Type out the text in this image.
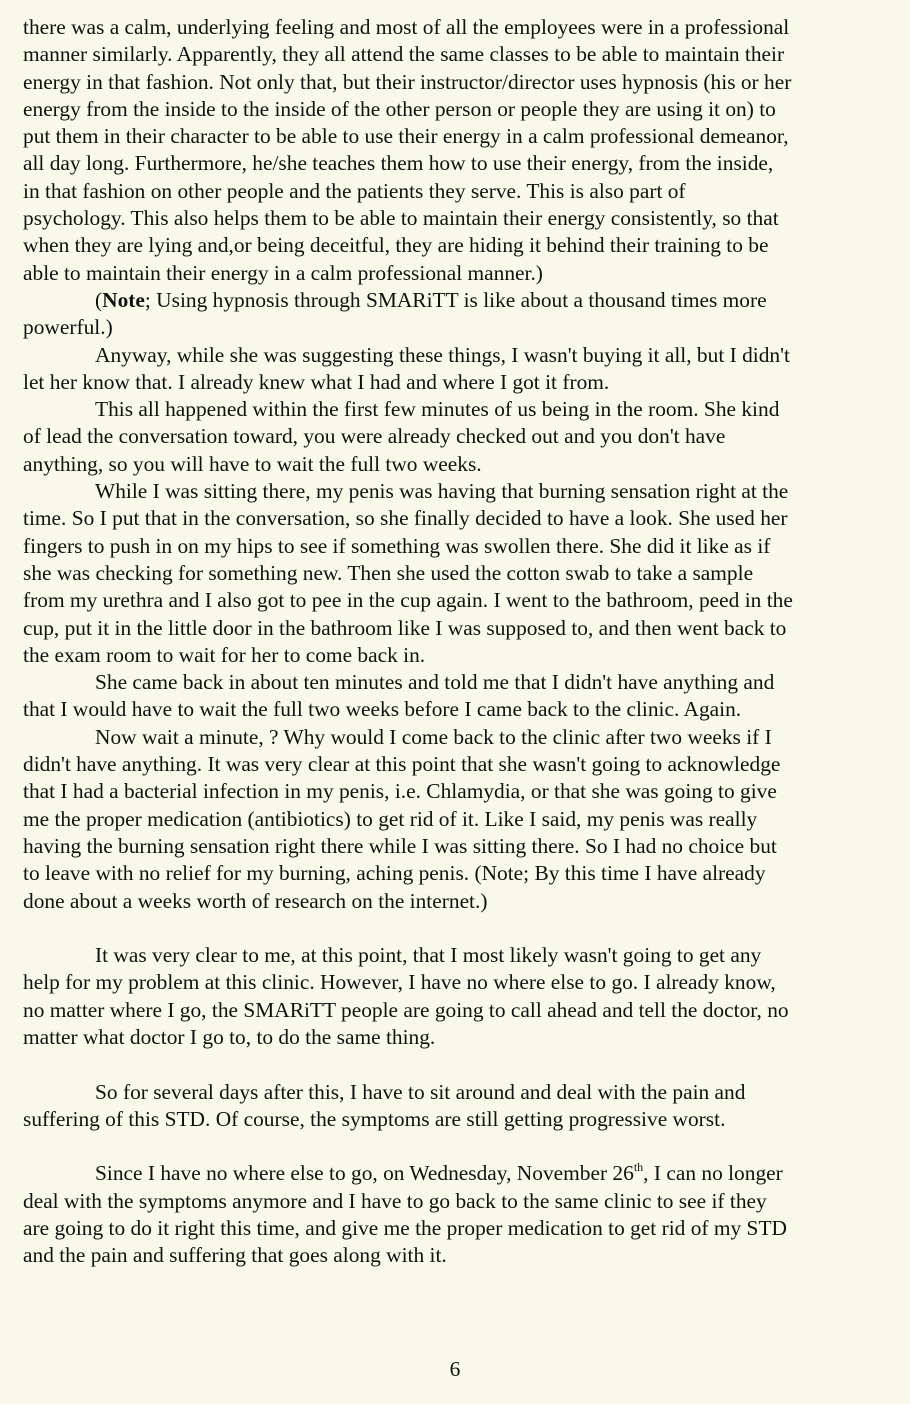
there was a calm, underlying feeling and most of all the employees were in a professional
manner similarly. Apparently, they all attend the same classes to be able to maintain their
energy in that fashion. Not only that, but their instructor/director uses hypnosis (his or her
energy from the inside to the inside of the other person or people they are using it on) to
put them in their character to be able to use their energy in a calm professional demeanor,
all day long. Furthermore, he/she teaches them how to use their energy, from the inside,
in that fashion on other people and the patients they serve. This is also part of
psychology. This also helps them to be able to maintain their energy consistently, so that
when they are lying and,or being deceitful, they are hiding it behind their training to be
able to maintain their energy in a calm professional manner.)

(Note; Using hypnosis through SMARiTT is like about a thousand times more
powerful.)

Anyway, while she was suggesting these things, I wasn't buying it all, but I didn't
let her know that. I already knew what I had and where I got it from.

This all happened within the first few minutes of us being in the room. She kind
of lead the conversation toward, you were already checked out and you don't have
anything, so you will have to wait the full two weeks.

While I was sitting there, my penis was having that burning sensation right at the
time. So I put that in the conversation, so she finally decided to have a look. She used her
fingers to push in on my hips to see if something was swollen there. She did it like as if
she was checking for something new. Then she used the cotton swab to take a sample
from my urethra and I also got to pee in the cup again. I went to the bathroom, peed in the
cup, put it in the little door in the bathroom like I was supposed to, and then went back to
the exam room to wait for her to come back in.

She came back in about ten minutes and told me that I didn't have anything and
that I would have to wait the full two weeks before I came back to the clinic. Again.

Now wait a minute, ? Why would I come back to the clinic after two weeks if I
didn't have anything. It was very clear at this point that she wasn't going to acknowledge
that I had a bacterial infection in my penis, i.e. Chlamydia, or that she was going to give
me the proper medication (antibiotics) to get rid of it. Like I said, my penis was really
having the burning sensation right there while I was sitting there. So I had no choice but
to leave with no relief for my burning, aching penis. (Note; By this time I have already
done about a weeks worth of research on the internet.)

It was very clear to me, at this point, that I most likely wasn't going to get any
help for my problem at this clinic. However, I have no where else to go. I already know,
no matter where I go, the SMARiTT people are going to call ahead and tell the doctor, no
matter what doctor I go to, to do the same thing.

So for several days after this, I have to sit around and deal with the pain and
suffering of this STD. Of course, the symptoms are still getting progressive worst.

Since I have no where else to go, on Wednesday, November 26th, I can no longer
deal with the symptoms anymore and I have to go back to the same clinic to see if they
are going to do it right this time, and give me the proper medication to get rid of my STD
and the pain and suffering that goes along with it.

6
